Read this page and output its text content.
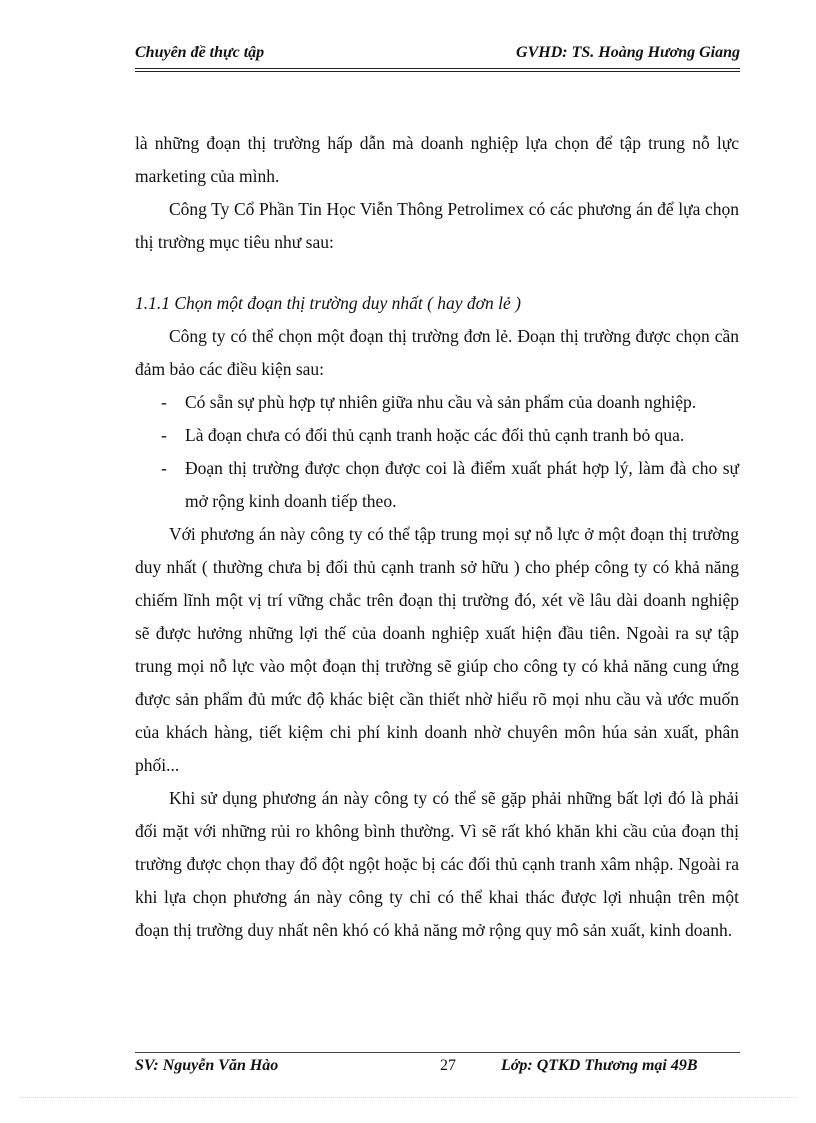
Chuyên đề thực tập	GVHD: TS. Hoàng Hương Giang

là những đoạn thị trường hấp dẫn mà doanh nghiệp lựa chọn để tập trung nỗ lực marketing của mình.

Công Ty Cổ Phần Tin Học Viễn Thông Petrolimex có các phương án để lựa chọn thị trường mục tiêu như sau:

1.1.1 Chọn một đoạn thị trường duy nhất ( hay đơn lẻ )

Công ty có thể chọn một đoạn thị trường đơn lẻ. Đoạn thị trường được chọn cần đảm bảo các điều kiện sau:

- Có sẵn sự phù hợp tự nhiên giữa nhu cầu và sản phẩm của doanh nghiệp.
- Là đoạn chưa có đối thủ cạnh tranh hoặc các đối thủ cạnh tranh bỏ qua.
- Đoạn thị trường được chọn được coi là điểm xuất phát hợp lý, làm đà cho sự mở rộng kinh doanh tiếp theo.

Với phương án này công ty có thể tập trung mọi sự nỗ lực ở một đoạn thị trường duy nhất ( thường chưa bị đối thủ cạnh tranh sở hữu ) cho phép công ty có khả năng chiếm lĩnh một vị trí vững chắc trên đoạn thị trường đó, xét về lâu dài doanh nghiệp sẽ được hưởng những lợi thế của doanh nghiệp xuất hiện đầu tiên. Ngoài ra sự tập trung mọi nỗ lực vào một đoạn thị trường sẽ giúp cho công ty có khả năng cung ứng được sản phẩm đủ mức độ khác biệt cần thiết nhờ hiểu rõ mọi nhu cầu và ước muốn của khách hàng, tiết kiệm chi phí kinh doanh nhờ chuyên môn húa sản xuất, phân phối...

Khi sử dụng phương án này công ty có thể sẽ gặp phải những bất lợi đó là phải đối mặt với những rủi ro không bình thường. Vì sẽ rất khó khăn khi cầu của đoạn thị trường được chọn thay đổ đột ngột hoặc bị các đối thủ cạnh tranh xâm nhập. Ngoài ra khi lựa chọn phương án này công ty chỉ có thể khai thác được lợi nhuận trên một đoạn thị trường duy nhất nên khó có khả năng mở rộng quy mô sản xuất, kinh doanh.

SV: Nguyễn Văn Hào	27	Lớp: QTKD Thương mại 49B
